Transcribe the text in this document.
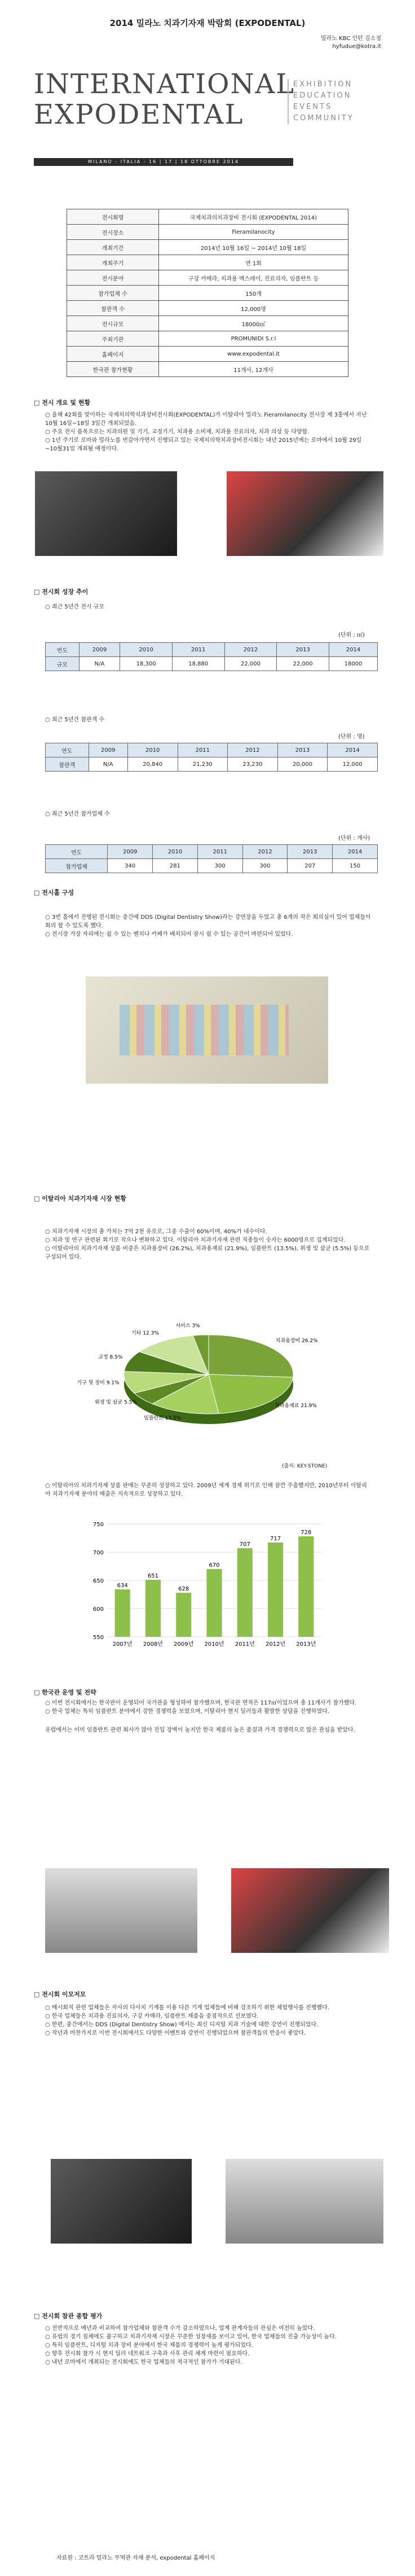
2014 밀라노 치과기자재 박람회 (EXPODENTAL)
밀라노 KBC 인턴 김소정
hyfudue@kotra.it
INTERNATIONAL
EXPODENTAL
EXHIBITION
EDUCATION
EVENTS
COMMUNITY
MILANO - ITALIA - 16 | 17 | 18 OTTOBRE 2014
전시회명	국제치과의치과장비 전시회 (EXPODENTAL 2014)
전시장소	Fieramilanocity
개최기간	2014년 10월 16일 ~ 2014년 10월 18일
개최주기	연 1회
전시분야	구강 카메라, 치과용 엑스레이, 진료의자, 임플란트 등
참가업체 수	150개
참관객 수	12,000명
전시규모	18000㎡
주최기관	PROMUNIDI S.r.l
홈페이지	www.expodental.it
한국관 참가현황	11개사, 12개사
□ 전시 개요 및 현황
○ 올해 42회를 맞이하는 국제치의학치과장비전시회(EXPODENTAL)가 이탈리아 밀라노 Fieramilanocity 전시장 제 3홀에서 지난 10월 16일~18일 3일간 개최되었음.
○ 주요 전시 품목으로는 치과의원 및 기기, 교정기기, 치과용 소비재, 치과용 진료의자, 치과 의상 등 다양함.
○ 1년 주기로 로마와 밀라노를 번갈아가면서 진행되고 있는 국제치의학치과장비전시회는 내년 2015년에는 로마에서 10월 29일~10월31일 개최될 예정이다.
□ 전시회 성장 추이
○ 최근 5년간 전시 규모
(단위 : ㎡)
연도	2009	2010	2011	2012	2013	2014
규모	N/A	18,300	18,880	22,000	22,000	18000
○ 최근 5년간 참관객 수
(단위 : 명)
연도	2009	2010	2011	2012	2013	2014
참관객	N/A	20,840	21,230	23,230	20,000	12,000
○ 최근 5년간 참가업체 수
(단위 : 개사)
연도	2009	2010	2011	2012	2013	2014
참가업체	340	281	300	300	207	150
□ 전시홀 구성
○ 3번 홀에서 진행된 전시회는 중간에 DDS (Digital Dentistry Show)라는 강연장을 두었고 총 6개의 작은 회의실이 있어 업체들이 회의 할 수 있도록 했다.
○ 전시장 가장 자리에는 쉴 수 있는 벤치나 카페가 배치되어 잠시 쉴 수 있는 공간이 마련되어 있었다.
□ 이탈리아 치과기자재 시장 현황
○ 치과기자재 시장의 총 가치는 7억 2천 유로로, 그중 수출이 60%이며, 40%가 내수이다.
○ 치과 및 연구 관련된 회기로 작으나 변화하고 있다. 이탈리아 치과기자재 관련 직종들이 숫자는 6000명으로 집계되었다.
○ 이탈리아의 치과기자재 상품 비중은 치과용장비 (26.2%), 치과용재료 (21.9%), 임플란트 (13.5%), 위생 및 살균 (5.5%) 등으로 구성되어 있다.
치과용장비 26.2%
치과용재료 21.9%
임플란트 13.5%
위생 및 살균 5.5%
기구 및 장비 9.1%
교정 8.5%
기타 12.3%
서비스 3%
(출처: KEY-STONE)
○ 이탈리아의 치과기자재 상품 판매는 꾸준히 성장하고 있다. 2009년 세계 경제 위기로 인해 잠깐 주춤했지만, 2010년부터 이탈리아 치과기자재 분야의 매출은 지속적으로 성장하고 있다.
550
600
650
700
750
634
2007년
651
2008년
628
2009년
670
2010년
707
2011년
717
2012년
728
2013년
□ 한국관 운영 및 전략
○ 이번 전시회에서는 한국관이 운영되어 국가관을 형성하여 참가했으며, 한국관 면적은 117㎡이었으며 총 11개사가 참가했다.
○ 한국 업체는 특히 임플란트 분야에서 강한 경쟁력을 보였으며, 이탈리아 현지 딜러들과 활발한 상담을 진행하였다.
유럽에서는 이미 임플란트 관련 회사가 많아 진입 장벽이 높지만 한국 제품의 높은 품질과 가격 경쟁력으로 많은 관심을 받았다.
□ 전시회 이모저모
○ 메시회직 관련 업체들은 자사의 다사치 기계를 이용 다른 기계 업체들에 비해 강조하기 위한 체험행사를 진행했다.
○ 한국 업체들은 치과용 진료의자, 구강 카메라, 임플란트 제품을 중점적으로 선보였다.
○ 한편, 중간에서는 DDS (Digital Dentistry Show) 에서는 최신 디지털 치과 기술에 대한 강연이 진행되었다.
○ 작년과 마찬가지로 이번 전시회에서도 다양한 이벤트와 강연이 진행되었으며 참관객들의 반응이 좋았다.
□ 전시회 참관 종합 평가
○ 전반적으로 예년과 비교하여 참가업체와 참관객 수가 감소하였으나, 업계 관계자들의 관심은 여전히 높았다.
○ 유럽의 경기 침체에도 불구하고 치과기자재 시장은 꾸준한 성장세를 보이고 있어, 한국 업체들의 진출 가능성이 높다.
○ 특히 임플란트, 디지털 치과 장비 분야에서 한국 제품의 경쟁력이 높게 평가되었다.
○ 향후 전시회 참가 시 현지 딜러 네트워크 구축과 사후 관리 체계 마련이 필요하다.
○ 내년 로마에서 개최되는 전시회에도 한국 업체들의 적극적인 참가가 기대된다.
자료원 : 코트라 밀라노 무역관 자체 분석, expodental 홈페이지
